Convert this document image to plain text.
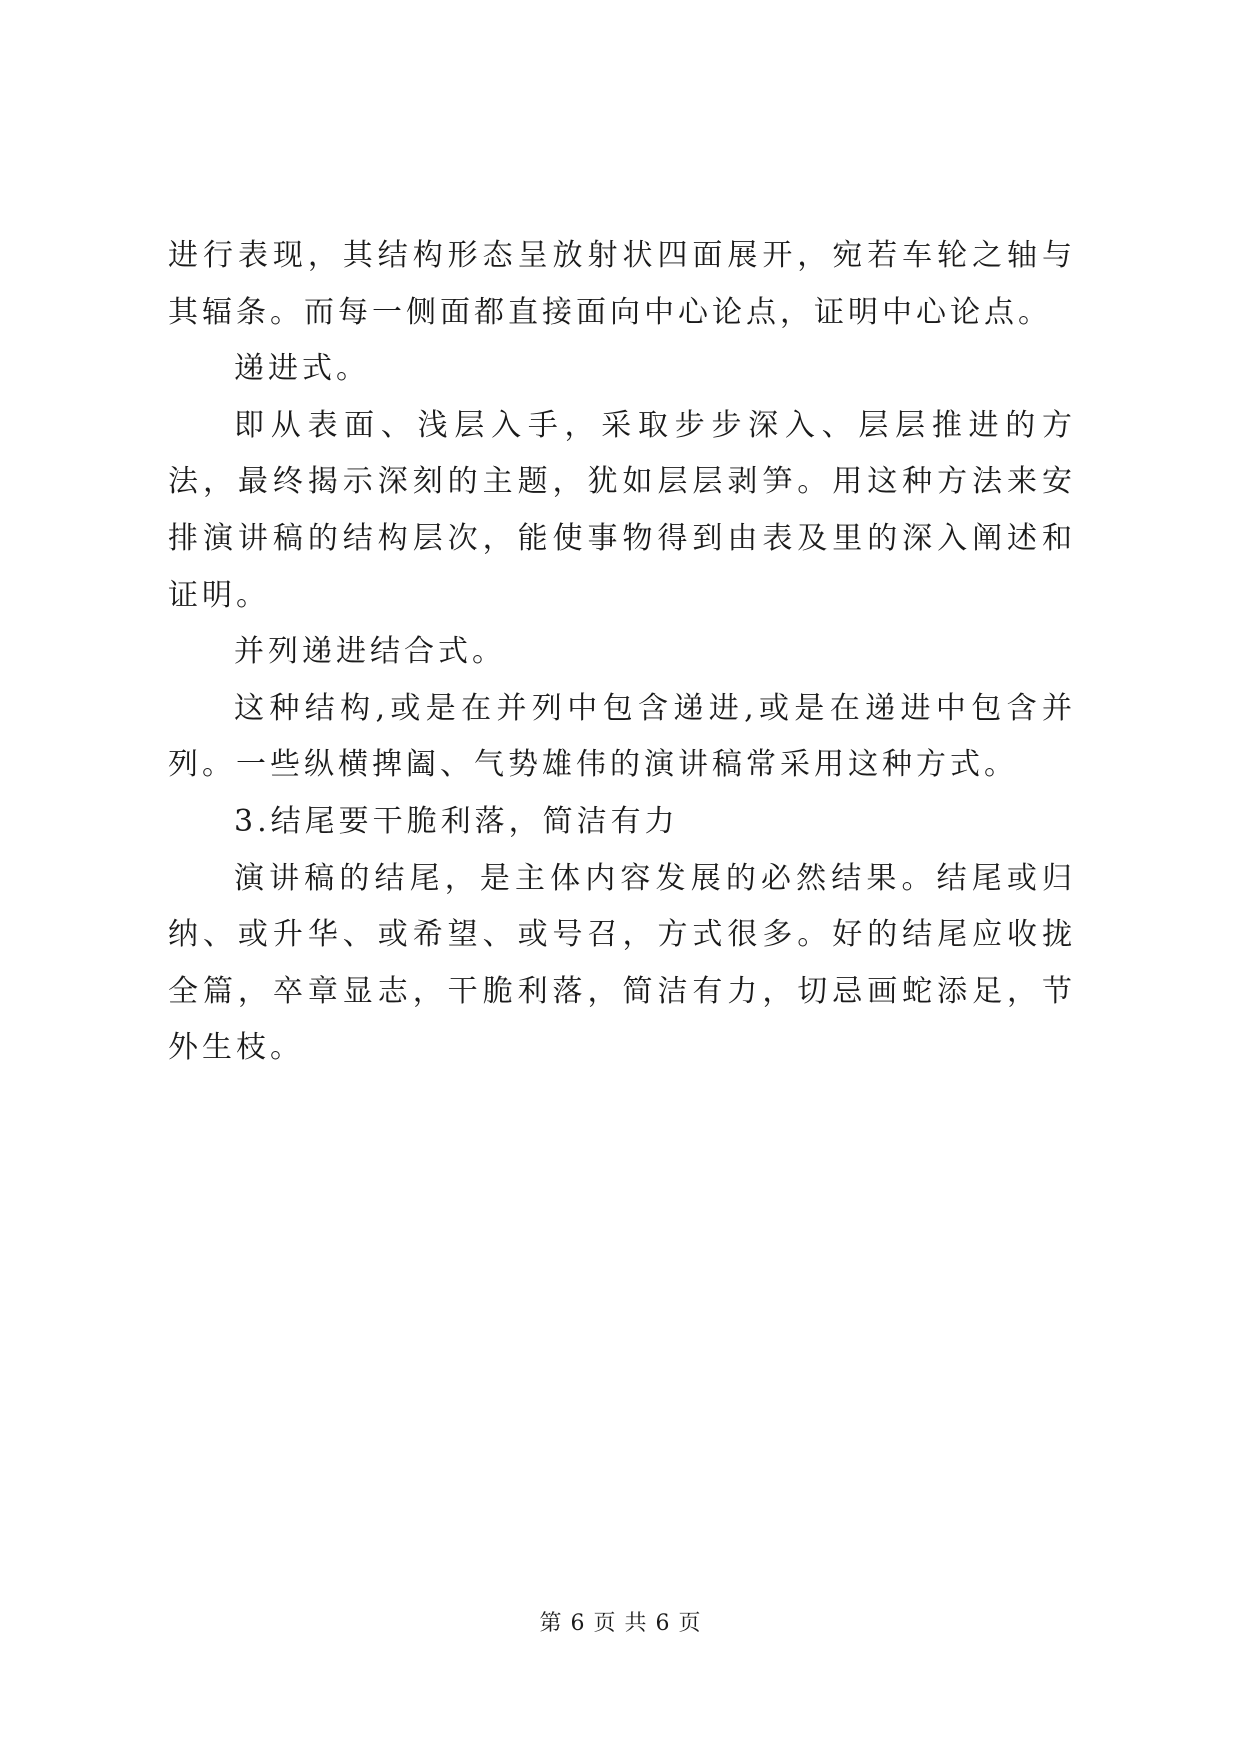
进行表现，其结构形态呈放射状四面展开，宛若车轮之轴与其辐条。而每一侧面都直接面向中心论点，证明中心论点。

递进式。

即从表面、浅层入手，采取步步深入、层层推进的方法，最终揭示深刻的主题，犹如层层剥笋。用这种方法来安排演讲稿的结构层次，能使事物得到由表及里的深入阐述和证明。

并列递进结合式。

这种结构,或是在并列中包含递进,或是在递进中包含并列。一些纵横捭阖、气势雄伟的演讲稿常采用这种方式。

3.结尾要干脆利落，简洁有力

演讲稿的结尾，是主体内容发展的必然结果。结尾或归纳、或升华、或希望、或号召，方式很多。好的结尾应收拢全篇，卒章显志，干脆利落，简洁有力，切忌画蛇添足，节外生枝。

第 6 页 共 6 页
